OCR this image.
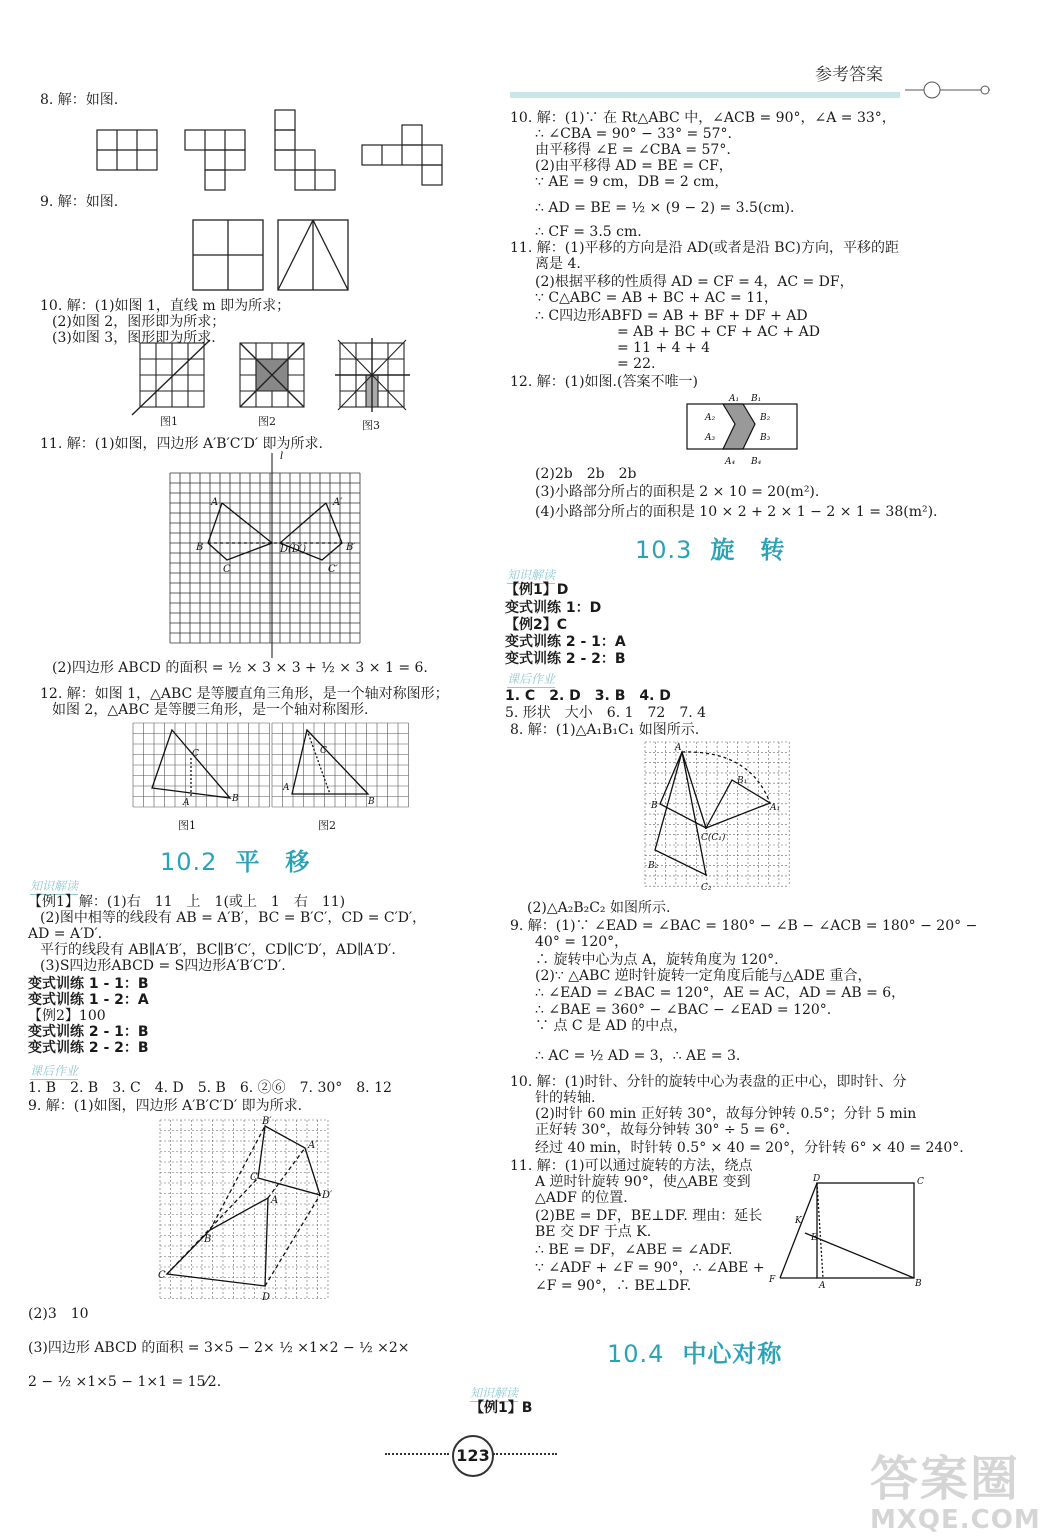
参考答案
8. 解：如图.
9. 解：如图.
10. 解：(1)如图 1，直线 m 即为所求；
(2)如图 2，图形即为所求；
(3)如图 3，图形即为所求.
图1	图2	图3
11. 解：(1)如图，四边形 A′B′C′D′ 即为所求.
A
B
C
D(D′)
A′
B′
C′
l
(2)四边形 ABCD 的面积 = ½ × 3 × 3 + ½ × 3 × 1 = 6.
12. 解：如图 1，△ABC 是等腰直角三角形，是一个轴对称图形；
如图 2，△ABC 是等腰三角形，是一个轴对称图形.
C
A	B
C
A
B
图1	图2
10.2 平　移
知识解读
【例1】解：(1)右　11　上　1(或上　1　右　11)
(2)图中相等的线段有 AB = A′B′，BC = B′C′，CD = C′D′，
AD = A′D′.
平行的线段有 AB∥A′B′，BC∥B′C′，CD∥C′D′，AD∥A′D′.
(3)S四边形ABCD = S四边形A′B′C′D′.
变式训练 1 - 1：B
变式训练 1 - 2：A
【例2】100
变式训练 2 - 1：B
变式训练 2 - 2：B
课后作业
1. B　2. B　3. C　4. D　5. B　6. ②⑥　7. 30°　8. 12
9. 解：(1)如图，四边形 A′B′C′D′ 即为所求.
B′
A′
D′
C′
B
A
C
D
(2)3　10
(3)四边形 ABCD 的面积 = 3×5 − 2× ½ ×1×2 − ½ ×2×
2 − ½ ×1×5 − 1×1 = 15⁄2.
10. 解：(1)∵ 在 Rt△ABC 中，∠ACB = 90°，∠A = 33°，
∴ ∠CBA = 90° − 33° = 57°.
由平移得 ∠E = ∠CBA = 57°.
(2)由平移得 AD = BE = CF，
∵ AE = 9 cm，DB = 2 cm，
∴ AD = BE = ½ × (9 − 2) = 3.5(cm).
∴ CF = 3.5 cm.
11. 解：(1)平移的方向是沿 AD(或者是沿 BC)方向，平移的距
离是 4.
(2)根据平移的性质得 AD = CF = 4，AC = DF，
∵ C△ABC = AB + BC + AC = 11，
∴ C四边形ABFD = AB + BF + DF + AD
= AB + BC + CF + AC + AD
= 11 + 4 + 4
= 22.
12. 解：(1)如图.(答案不唯一)
A₁ B₁
A₂	B₂
A₃	B₃
A₄ B₄
(2)2b　2b　2b
(3)小路部分所占的面积是 2 × 10 = 20(m²).
(4)小路部分所占的面积是 10 × 2 + 2 × 1 − 2 × 1 = 38(m²).
10.3 旋　转
知识解读
【例1】D
变式训练 1：D
【例2】C
变式训练 2 - 1：A
变式训练 2 - 2：B
课后作业
1. C　2. D　3. B　4. D
5. 形状　大小　6. 1　72　7. 4
8. 解：(1)△A₁B₁C₁ 如图所示.
A
B
C(C₁)
B₁
A₁
B₂
C₂
(2)△A₂B₂C₂ 如图所示.
9. 解：(1)∵ ∠EAD = ∠BAC = 180° − ∠B − ∠ACB = 180° − 20° −
40° = 120°，
∴ 旋转中心为点 A，旋转角度为 120°.
(2)∵ △ABC 逆时针旋转一定角度后能与△ADE 重合，
∴ ∠EAD = ∠BAC = 120°，AE = AC，AD = AB = 6，
∴ ∠BAE = 360° − ∠BAC − ∠EAD = 120°.
∵ 点 C 是 AD 的中点，
∴ AC = ½ AD = 3，∴ AE = 3.
10. 解：(1)时针、分针的旋转中心为表盘的正中心，即时针、分
针的转轴.
(2)时针 60 min 正好转 30°，故每分钟转 0.5°；分针 5 min
正好转 30°，故每分钟转 30° ÷ 5 = 6°.
经过 40 min，时针转 0.5° × 40 = 20°，分针转 6° × 40 = 240°.
11. 解：(1)可以通过旋转的方法，绕点
A 逆时针旋转 90°，使△ABE 变到
△ADF 的位置.
(2)BE = DF，BE⊥DF. 理由：延长
BE 交 DF 于点 K.
∴ BE = DF，∠ABE = ∠ADF.
∵ ∠ADF + ∠F = 90°，∴ ∠ABE +
∠F = 90°，∴ BE⊥DF.
D	C
K
E
F
A	B
10.4 中心对称
知识解读
【例1】B
123	答案圈
MXQE.COM
